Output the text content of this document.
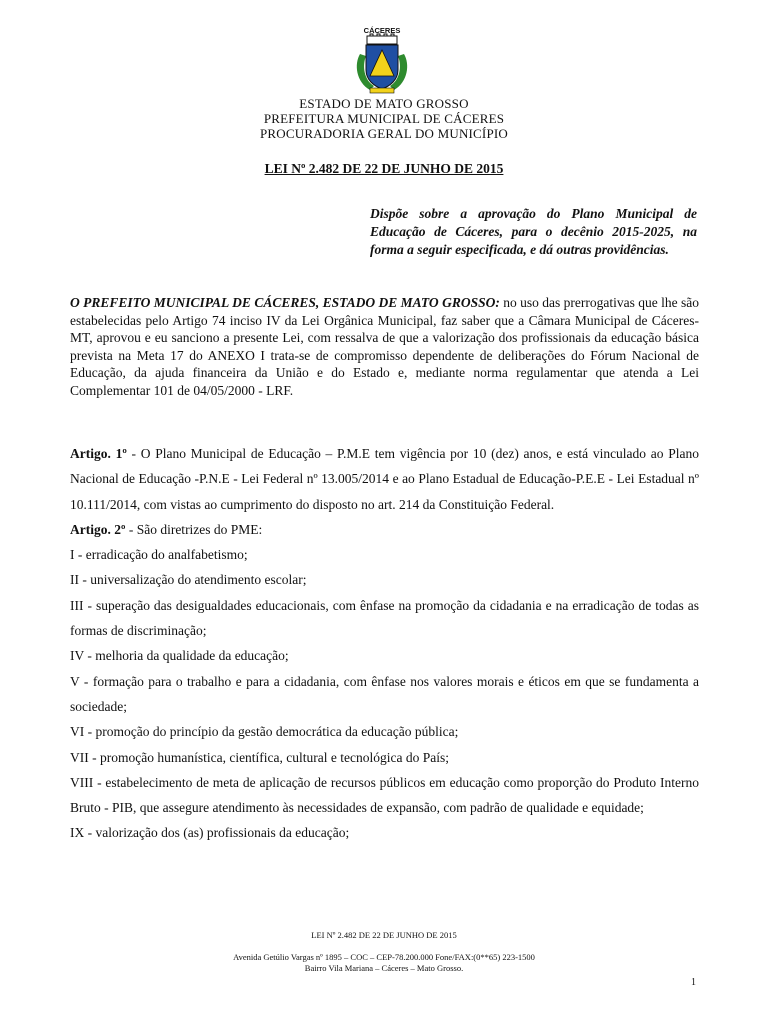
CÁCERES
ESTADO DE MATO GROSSO
PREFEITURA MUNICIPAL DE CÁCERES
PROCURADORIA GERAL DO MUNICÍPIO
LEI Nº 2.482 DE 22 DE JUNHO DE 2015
Dispõe sobre a aprovação do Plano Municipal de Educação de Cáceres, para o decênio 2015-2025, na forma a seguir especificada, e dá outras providências.
O PREFEITO MUNICIPAL DE CÁCERES, ESTADO DE MATO GROSSO: no uso das prerrogativas que lhe são estabelecidas pelo Artigo 74 inciso IV da Lei Orgânica Municipal, faz saber que a Câmara Municipal de Cáceres-MT, aprovou e eu sanciono a presente Lei, com ressalva de que a valorização dos profissionais da educação básica prevista na Meta 17 do ANEXO I trata-se de compromisso dependente de deliberações do Fórum Nacional de Educação, da ajuda financeira da União e do Estado e, mediante norma regulamentar que atenda a Lei Complementar 101 de 04/05/2000 - LRF.

Artigo. 1º - O Plano Municipal de Educação – P.M.E tem vigência por 10 (dez) anos, e está vinculado ao Plano Nacional de Educação -P.N.E - Lei Federal nº 13.005/2014 e ao Plano Estadual de Educação-P.E.E - Lei Estadual nº 10.111/2014, com vistas ao cumprimento do disposto no art. 214 da Constituição Federal.

Artigo. 2º - São diretrizes do PME:

I - erradicação do analfabetismo;

II - universalização do atendimento escolar;

III - superação das desigualdades educacionais, com ênfase na promoção da cidadania e na erradicação de todas as formas de discriminação;

IV - melhoria da qualidade da educação;

V - formação para o trabalho e para a cidadania, com ênfase nos valores morais e éticos em que se fundamenta a sociedade;

VI - promoção do princípio da gestão democrática da educação pública;

VII - promoção humanística, científica, cultural e tecnológica do País;

VIII - estabelecimento de meta de aplicação de recursos públicos em educação como proporção do Produto Interno Bruto - PIB, que assegure atendimento às necessidades de expansão, com padrão de qualidade e equidade;

IX - valorização dos (as) profissionais da educação;

LEI Nº 2.482 DE 22 DE JUNHO DE 2015
Avenida Getúlio Vargas nº 1895 – COC – CEP-78.200.000 Fone/FAX:(0**65) 223-1500
Bairro Vila Mariana – Cáceres – Mato Grosso.
1
